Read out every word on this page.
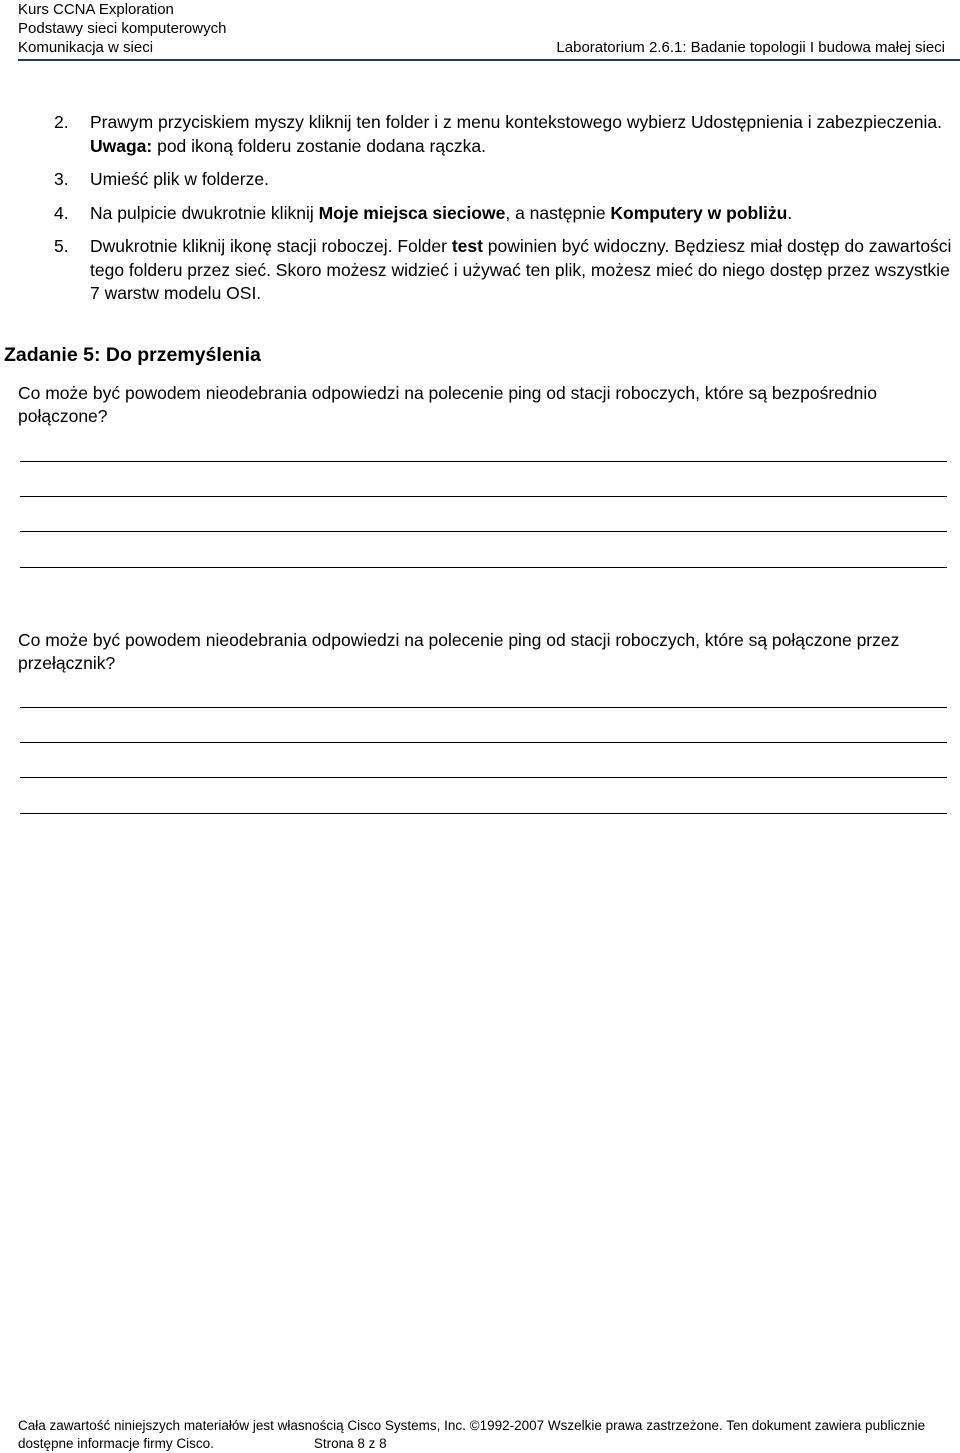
Kurs CCNA Exploration
Podstawy sieci komputerowych
Komunikacja w sieci	Laboratorium 2.6.1: Badanie topologii I budowa małej sieci
2. Prawym przyciskiem myszy kliknij ten folder i z menu kontekstowego wybierz Udostępnienia i zabezpieczenia. Uwaga: pod ikoną folderu zostanie dodana rączka.
3. Umieść plik w folderze.
4. Na pulpicie dwukrotnie kliknij Moje miejsca sieciowe, a następnie Komputery w pobliżu.
5. Dwukrotnie kliknij ikonę stacji roboczej. Folder test powinien być widoczny. Będziesz miał dostęp do zawartości tego folderu przez sieć. Skoro możesz widzieć i używać ten plik, możesz mieć do niego dostęp przez wszystkie 7 warstw modelu OSI.
Zadanie 5: Do przemyślenia
Co może być powodem nieodebrania odpowiedzi na polecenie ping od stacji roboczych, które są bezpośrednio połączone?
Co może być powodem nieodebrania odpowiedzi na polecenie ping od stacji roboczych, które są połączone przez przełącznik?
Cała zawartość niniejszych materiałów jest własnością Cisco Systems, Inc. ©1992-2007 Wszelkie prawa zastrzeżone. Ten dokument zawiera publicznie dostępne informacje firmy Cisco.	Strona 8 z 8
